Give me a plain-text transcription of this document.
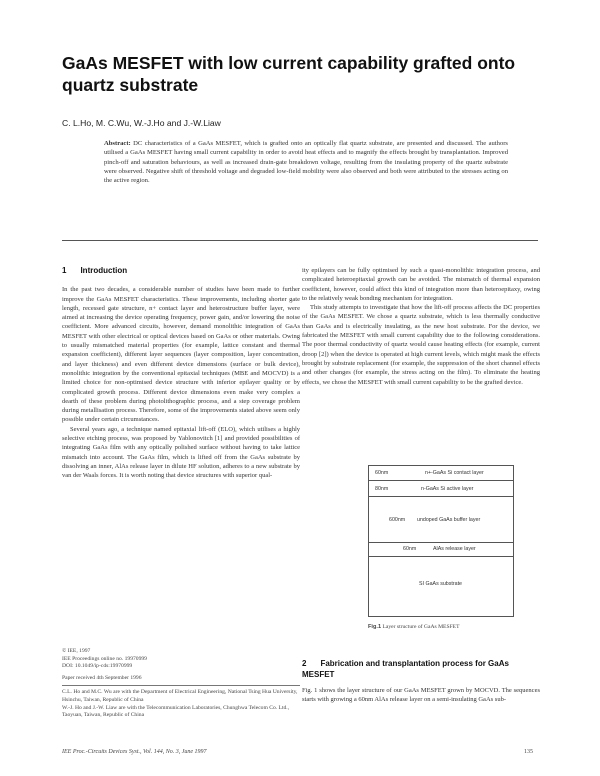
GaAs MESFET with low current capability grafted onto quartz substrate
C. L.Ho, M. C.Wu, W.-J.Ho and J.-W.Liaw
Abstract: DC characteristics of a GaAs MESFET, which is grafted onto an optically flat quartz substrate, are presented and discussed. The authors utilised a GaAs MESFET having small current capability in order to avoid heat effects and to magnify the effects brought by transplantation. Improved pinch-off and saturation behaviours, as well as increased drain-gate breakdown voltage, resulting from the insulating property of the quartz substrate were observed. Negative shift of threshold voltage and degraded low-field mobility were also observed and both were attributed to the stresses acting on the active region.
1 Introduction

In the past two decades, a considerable number of studies have been made to further improve the GaAs MESFET characteristics. These improvements, including shorter gate length, recessed gate structure, n+ contact layer and heterostructure buffer layer, were aimed at increasing the device operating frequency, power gain, and/or lowering the noise coefficient. More advanced circuits, however, demand monolithic integration of GaAs MESFET with other electrical or optical devices based on GaAs or other materials. Owing to usually mismatched material properties (for example, lattice constant and thermal expansion coefficient), different layer sequences (layer composition, layer concentration, and layer thickness) and even different device dimensions (surface or bulk device), monolithic integration by the conventional epitaxial techniques (MBE and MOCVD) is a limited choice for non-optimised device structure with inferior epilayer quality or by complicated growth process. Different device dimensions even make very complex a dearth of these problem during photolithographic process, and a step coverage problem during metallisation process. Therefore, some of the improvements stated above seem only possible under certain circumstances.

Several years ago, a technique named epitaxial lift-off (ELO), which utilises a highly selective etching process, was proposed by Yablonovitch [1] and provided possibilities of integrating GaAs film with any optically polished surface without having to take lattice mismatch into account. The GaAs film, which is lifted off from the GaAs substrate by dissolving an inner, AlAs release layer in dilute HF solution, adheres to a new substrate by van der Waals forces. It is worth noting that device structures with superior qual-

ity epilayers can be fully optimised by such a quasi-monolithic integration process, and complicated heteroepitaxial growth can be avoided. The mismatch of thermal expansion coefficient, however, could affect this kind of integration more than heteroepitaxy, owing to the relatively weak bonding mechanism for integration.

This study attempts to investigate that how the lift-off process affects the DC properties of the GaAs MESFET. We chose a quartz substrate, which is less thermally conductive than GaAs and is electrically insulating, as the new host substrate. For the device, we fabricated the MESFET with small current capability due to the following considerations. The poor thermal conductivity of quartz would cause heating effects (for example, current droop [2]) when the device is operated at high current levels, which might mask the effects brought by substrate replacement (for example, the suppression of the short channel effects and other changes (for example, the stress acting on the film). To eliminate the heating effects, we chose the MESFET with small current capability to be the grafted device.

60nm	n+-GaAs Si contact layer
80nm	n-GaAs Si active layer
600nm undoped GaAs buffer layer
60nm	AlAs release layer
SI GaAs substrate
Fig.1 Layer structure of GaAs MESFET
2 Fabrication and transplantation process for GaAs MESFET

Fig. 1 shows the layer structure of our GaAs MESFET grown by MOCVD. The sequences starts with growing a 60nm AlAs release layer on a semi-insulating GaAs sub-

© IEE, 1997
IEE Proceedings online no. 19970999
DOI: 10.1049/ip-cds:19970999
Paper received 4th September 1996
C.L. Ho and M.C. Wu are with the Department of Electrical Engineering, National Tsing Hua University, Hsinchu, Taiwan, Republic of China
W.-J. Ho and J.-W. Liaw are with the Telecommunication Laboratories, Chunghwa Telecom Co. Ltd., Taoyuan, Taiwan, Republic of China
IEE Proc.-Circuits Devices Syst., Vol. 144, No. 3, June 1997	135
